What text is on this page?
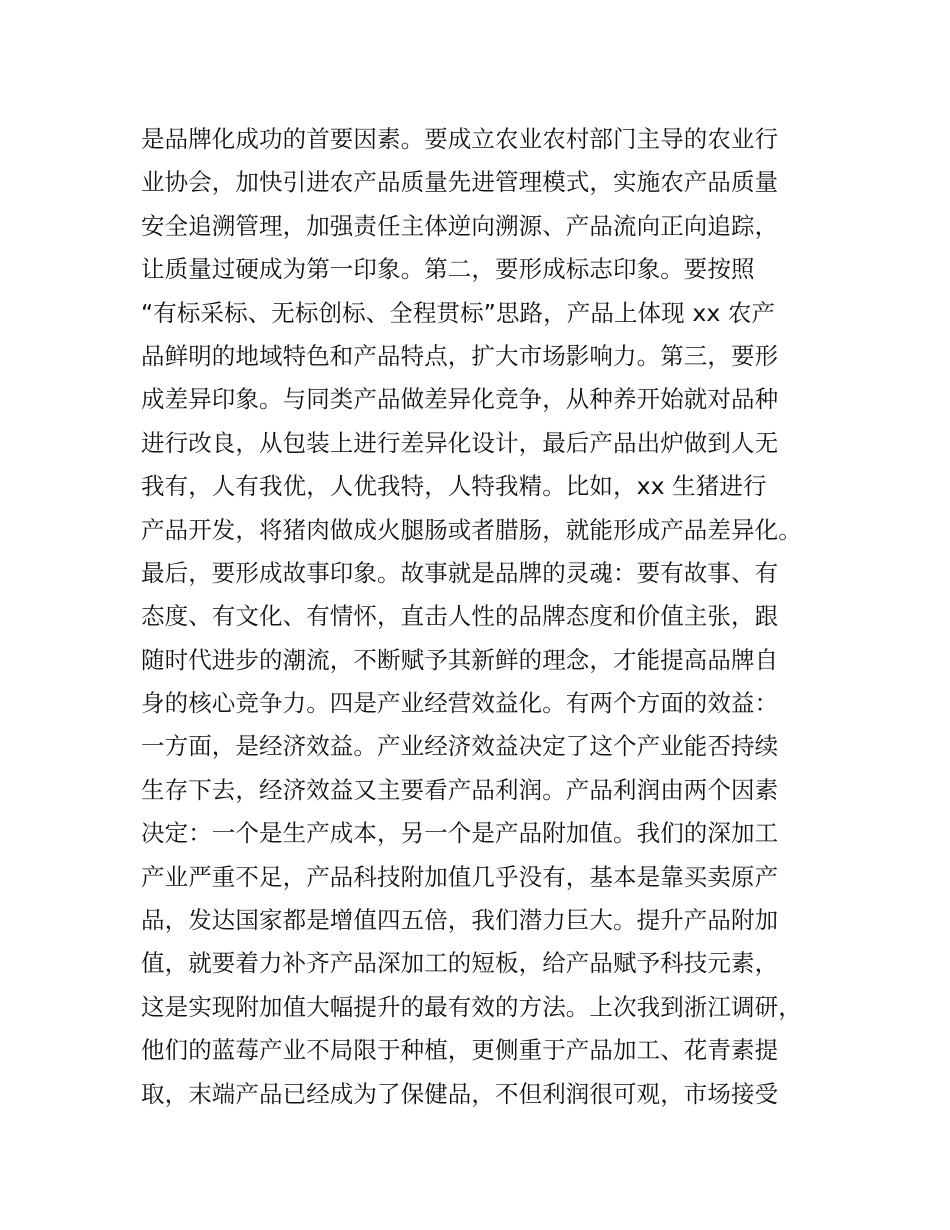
是品牌化成功的首要因素。要成立农业农村部门主导的农业行
业协会，加快引进农产品质量先进管理模式，实施农产品质量
安全追溯管理，加强责任主体逆向溯源、产品流向正向追踪，
让质量过硬成为第一印象。第二，要形成标志印象。要按照
“有标采标、无标创标、全程贯标”思路，产品上体现 xx 农产
品鲜明的地域特色和产品特点，扩大市场影响力。第三，要形
成差异印象。与同类产品做差异化竞争，从种养开始就对品种
进行改良，从包装上进行差异化设计，最后产品出炉做到人无
我有，人有我优，人优我特，人特我精。比如，xx 生猪进行
产品开发，将猪肉做成火腿肠或者腊肠，就能形成产品差异化。
最后，要形成故事印象。故事就是品牌的灵魂：要有故事、有
态度、有文化、有情怀，直击人性的品牌态度和价值主张，跟
随时代进步的潮流，不断赋予其新鲜的理念，才能提高品牌自
身的核心竞争力。四是产业经营效益化。有两个方面的效益：
一方面，是经济效益。产业经济效益决定了这个产业能否持续
生存下去，经济效益又主要看产品利润。产品利润由两个因素
决定：一个是生产成本，另一个是产品附加值。我们的深加工
产业严重不足，产品科技附加值几乎没有，基本是靠买卖原产
品，发达国家都是增值四五倍，我们潜力巨大。提升产品附加
值，就要着力补齐产品深加工的短板，给产品赋予科技元素，
这是实现附加值大幅提升的最有效的方法。上次我到浙江调研，
他们的蓝莓产业不局限于种植，更侧重于产品加工、花青素提
取，末端产品已经成为了保健品，不但利润很可观，市场接受
